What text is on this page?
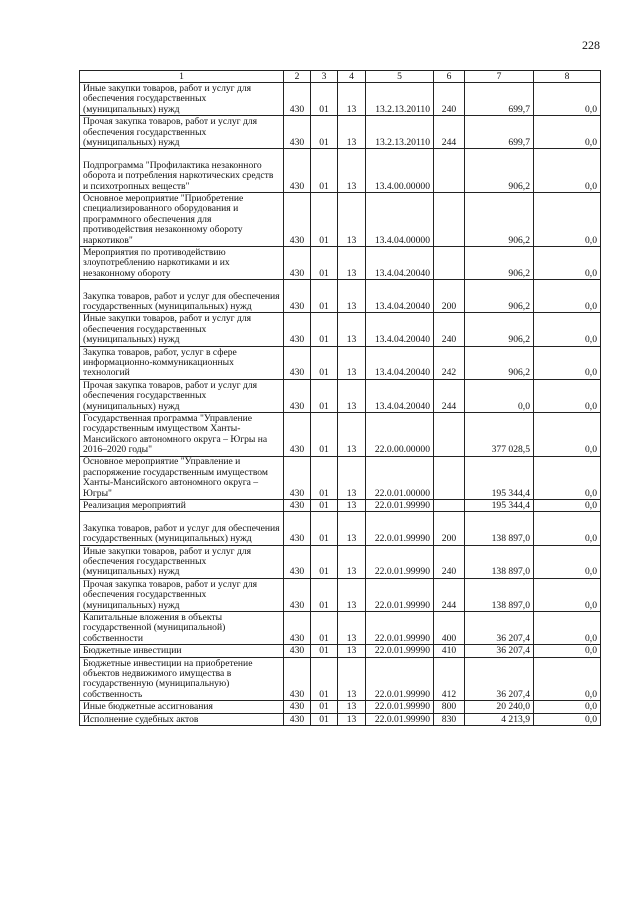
228
1	2	3	4	5	6	7	8
Иные закупки товаров, работ и услуг для обеспечения государственных (муниципальных) нужд	430	01	13	13.2.13.20110	240	699,7	0,0
Прочая закупка товаров, работ и услуг для обеспечения государственных (муниципальных) нужд	430	01	13	13.2.13.20110	244	699,7	0,0
Подпрограмма "Профилактика незаконного оборота и потребления наркотических средств и психотропных веществ"	430	01	13	13.4.00.00000		906,2	0,0
Основное мероприятие "Приобретение специализированного оборудования и программного обеспечения для противодействия незаконному обороту наркотиков"	430	01	13	13.4.04.00000		906,2	0,0
Мероприятия по противодействию злоупотреблению наркотиками и их незаконному обороту	430	01	13	13.4.04.20040		906,2	0,0
Закупка товаров, работ и услуг для обеспечения государственных (муниципальных) нужд	430	01	13	13.4.04.20040	200	906,2	0,0
Иные закупки товаров, работ и услуг для обеспечения государственных (муниципальных) нужд	430	01	13	13.4.04.20040	240	906,2	0,0
Закупка товаров, работ, услуг в сфере информационно-коммуникационных технологий	430	01	13	13.4.04.20040	242	906,2	0,0
Прочая закупка товаров, работ и услуг для обеспечения государственных (муниципальных) нужд	430	01	13	13.4.04.20040	244	0,0	0,0
Государственная программа "Управление государственным имуществом Ханты-Мансийского автономного округа – Югры на 2016–2020 годы"	430	01	13	22.0.00.00000		377 028,5	0,0
Основное мероприятие "Управление и распоряжение государственным имуществом Ханты-Мансийского автономного округа – Югры"	430	01	13	22.0.01.00000		195 344,4	0,0
Реализация мероприятий	430	01	13	22.0.01.99990		195 344,4	0,0
Закупка товаров, работ и услуг для обеспечения государственных (муниципальных) нужд	430	01	13	22.0.01.99990	200	138 897,0	0,0
Иные закупки товаров, работ и услуг для обеспечения государственных (муниципальных) нужд	430	01	13	22.0.01.99990	240	138 897,0	0,0
Прочая закупка товаров, работ и услуг для обеспечения государственных (муниципальных) нужд	430	01	13	22.0.01.99990	244	138 897,0	0,0
Капитальные вложения в объекты государственной (муниципальной) собственности	430	01	13	22.0.01.99990	400	36 207,4	0,0
Бюджетные инвестиции	430	01	13	22.0.01.99990	410	36 207,4	0,0
Бюджетные инвестиции на приобретение объектов недвижимого имущества в государственную (муниципальную) собственность	430	01	13	22.0.01.99990	412	36 207,4	0,0
Иные бюджетные ассигнования	430	01	13	22.0.01.99990	800	20 240,0	0,0
Исполнение судебных актов	430	01	13	22.0.01.99990	830	4 213,9	0,0
